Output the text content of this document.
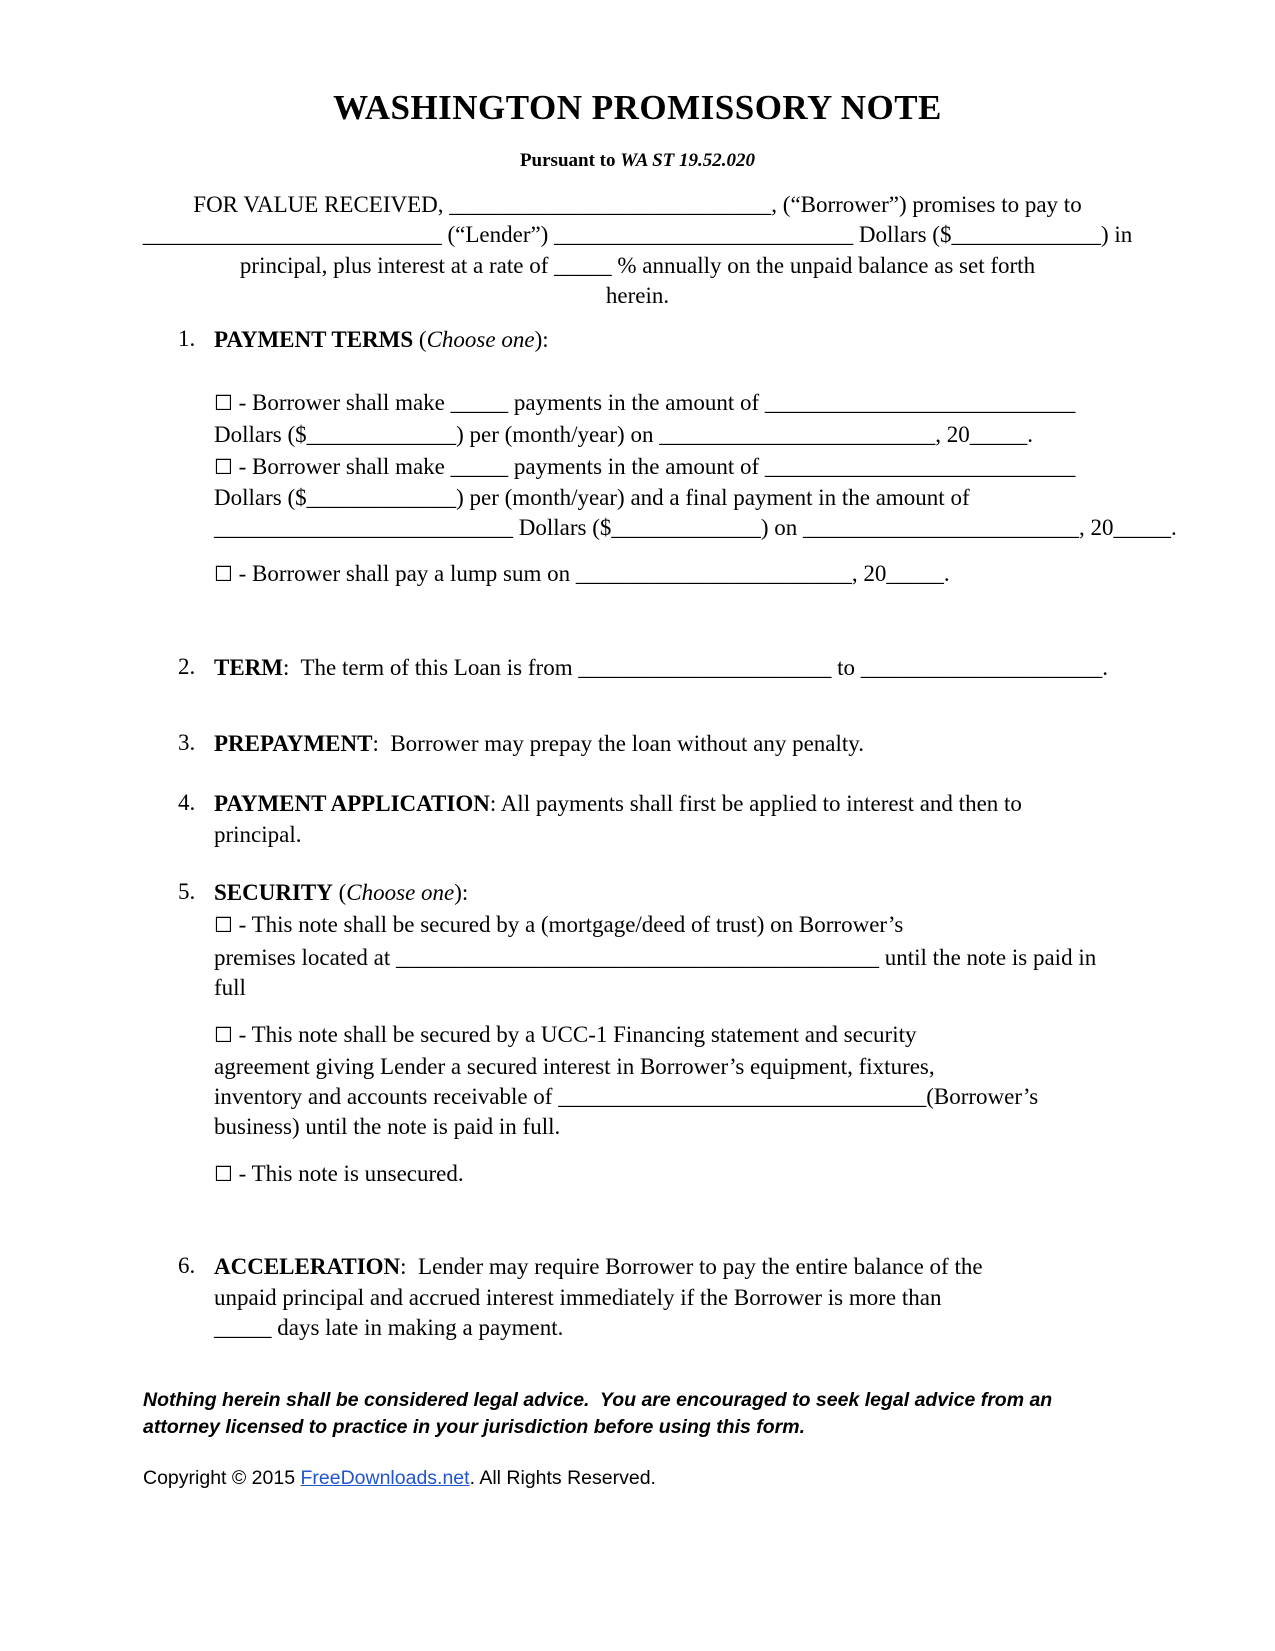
WASHINGTON PROMISSORY NOTE
Pursuant to WA ST 19.52.020
FOR VALUE RECEIVED, ____________________________, (“Borrower”) promises to pay to
__________________________ (“Lender”) __________________________ Dollars ($_____________) in
principal, plus interest at a rate of _____ % annually on the unpaid balance as set forth
herein.
1. PAYMENT TERMS (Choose one):
☐ - Borrower shall make _____ payments in the amount of ___________________________
Dollars ($_____________) per (month/year) on ________________________, 20_____.
☐ - Borrower shall make _____ payments in the amount of ___________________________
Dollars ($_____________) per (month/year) and a final payment in the amount of
__________________________ Dollars ($_____________) on ________________________, 20_____.
☐ - Borrower shall pay a lump sum on ________________________, 20_____.
2. TERM:  The term of this Loan is from ______________________ to _____________________.
3. PREPAYMENT:  Borrower may prepay the loan without any penalty.
4. PAYMENT APPLICATION: All payments shall first be applied to interest and then to
principal.
5. SECURITY (Choose one):
☐ - This note shall be secured by a (mortgage/deed of trust) on Borrower’s
premises located at __________________________________________ until the note is paid in
full
☐ - This note shall be secured by a UCC-1 Financing statement and security
agreement giving Lender a secured interest in Borrower’s equipment, fixtures,
inventory and accounts receivable of ________________________________(Borrower’s
business) until the note is paid in full.
☐ - This note is unsecured.
6. ACCELERATION:  Lender may require Borrower to pay the entire balance of the
unpaid principal and accrued interest immediately if the Borrower is more than
_____ days late in making a payment.
Nothing herein shall be considered legal advice.  You are encouraged to seek legal advice from an
attorney licensed to practice in your jurisdiction before using this form.
Copyright © 2015 FreeDownloads.net. All Rights Reserved.
